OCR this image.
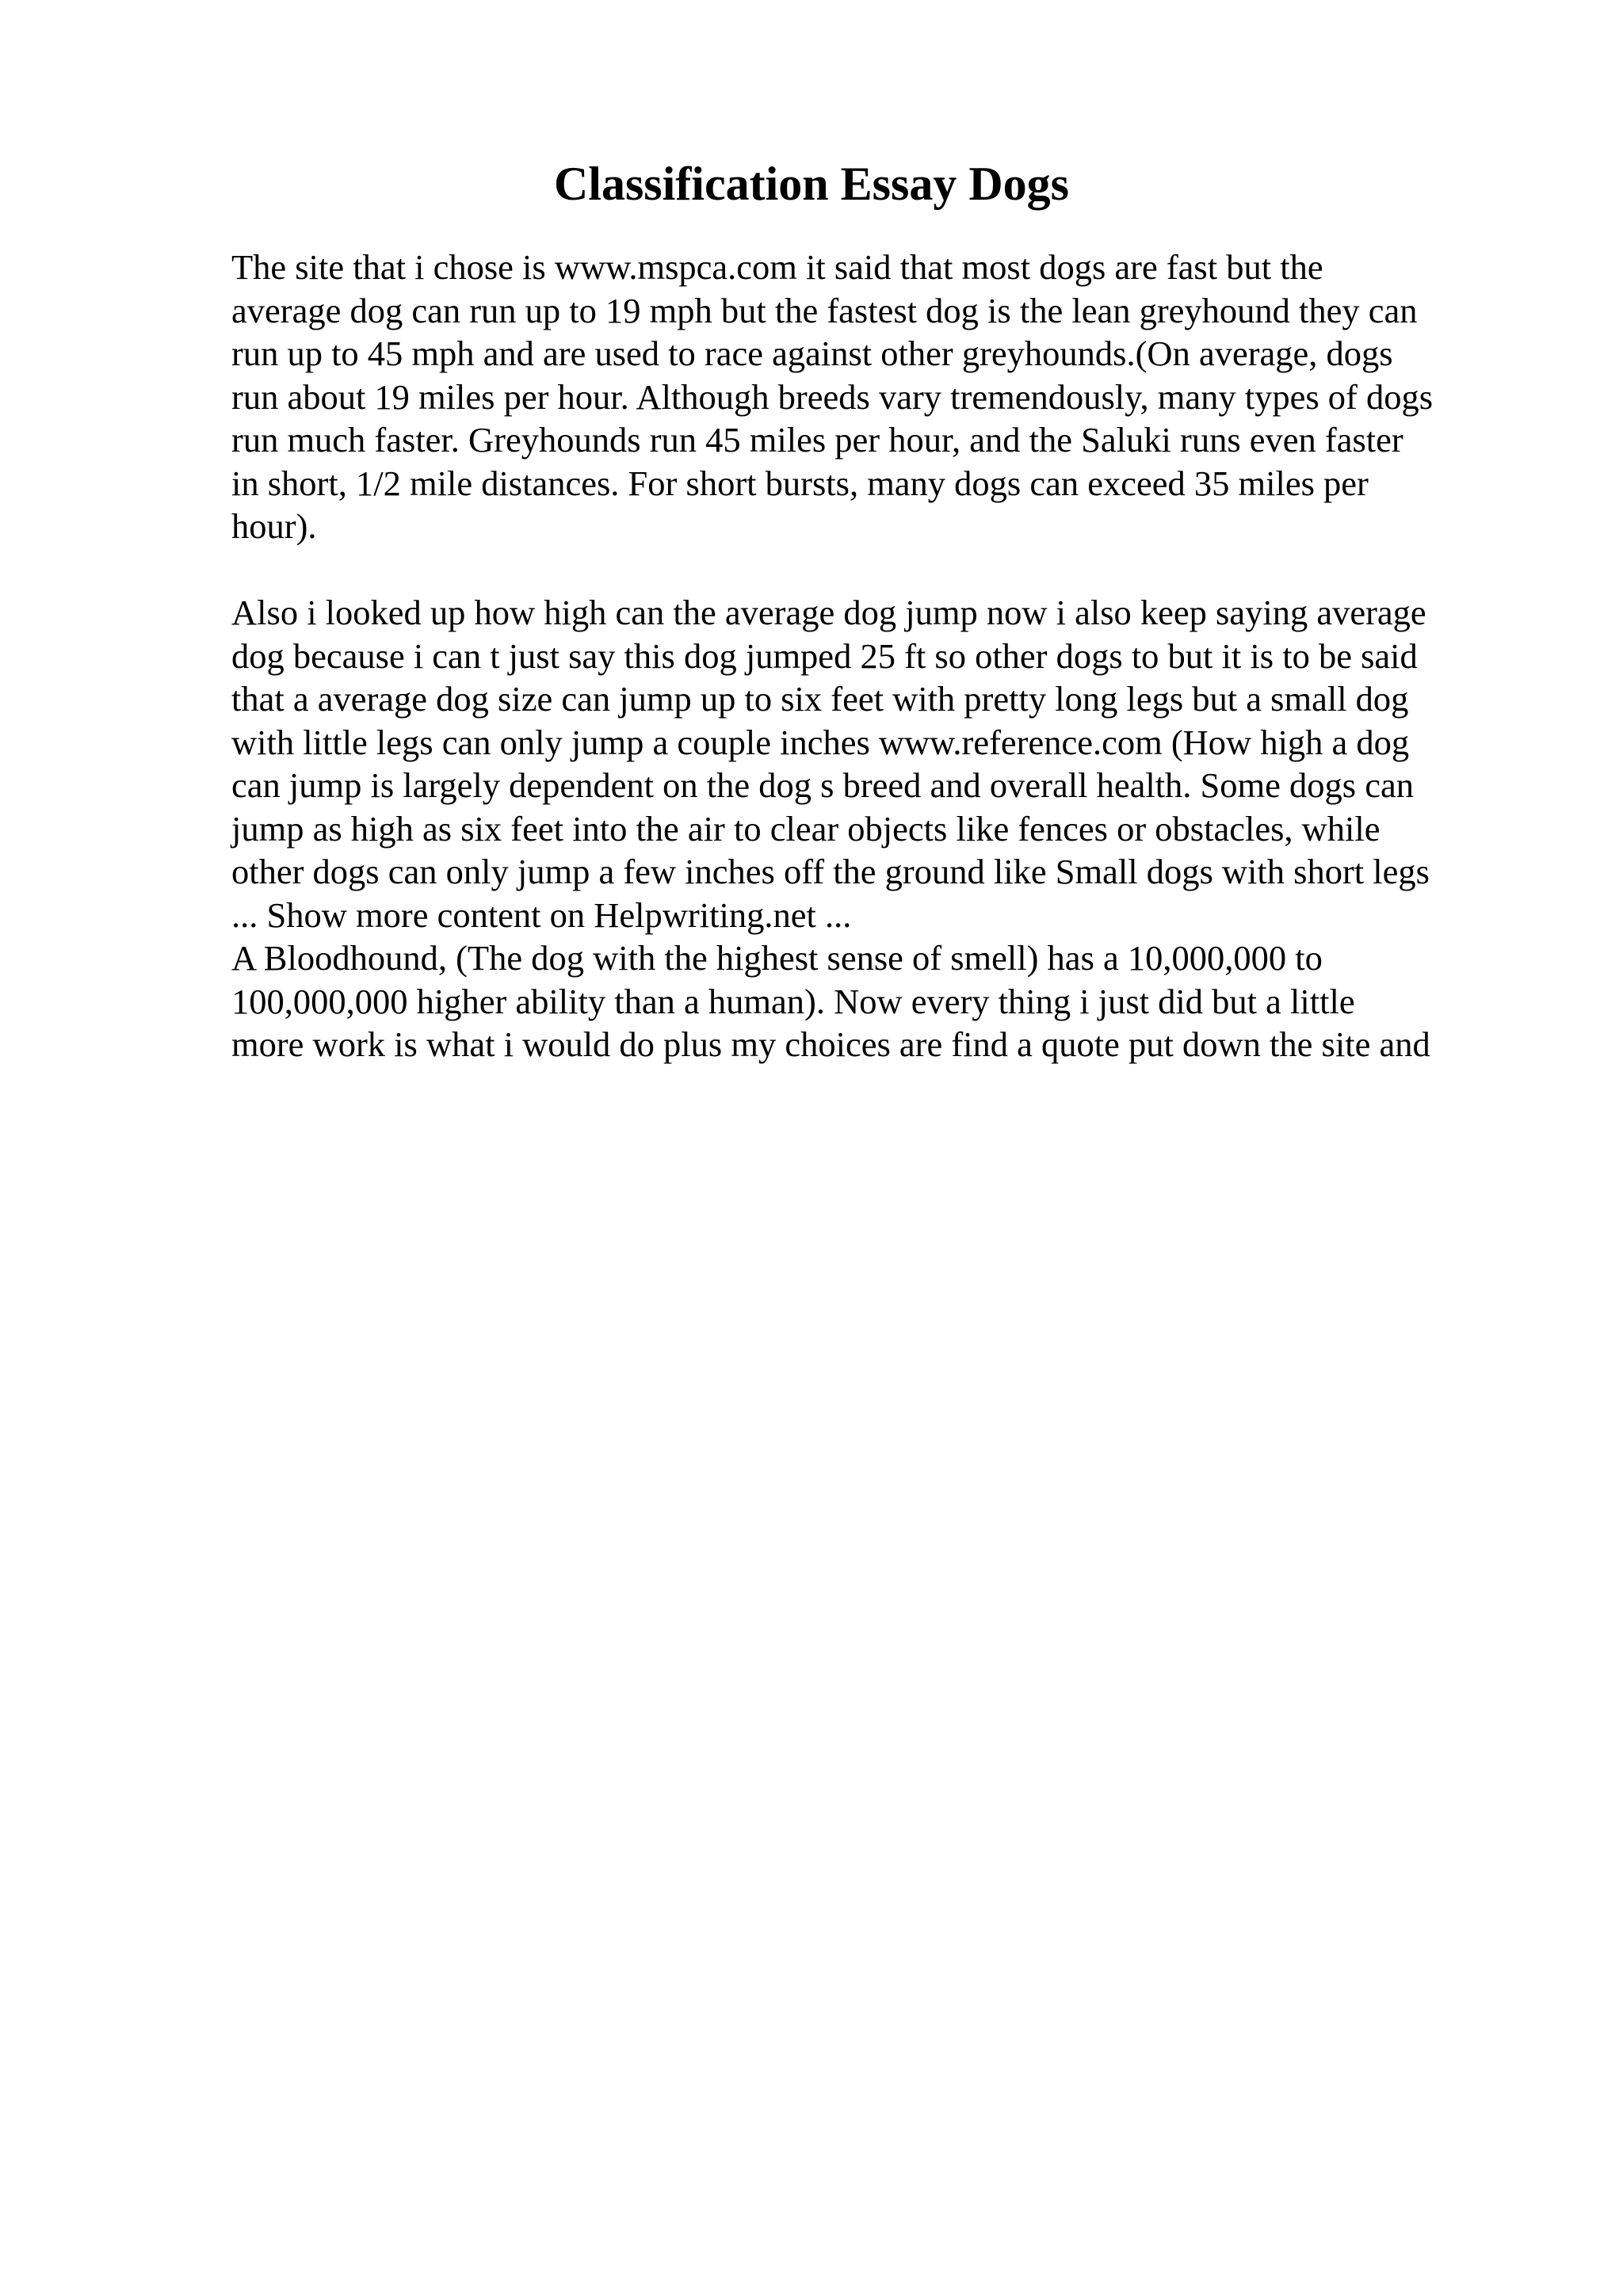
Classification Essay Dogs
The site that i chose is www.mspca.com it said that most dogs are fast but the
average dog can run up to 19 mph but the fastest dog is the lean greyhound they can
run up to 45 mph and are used to race against other greyhounds.(On average, dogs
run about 19 miles per hour. Although breeds vary tremendously, many types of dogs
run much faster. Greyhounds run 45 miles per hour, and the Saluki runs even faster
in short, 1/2 mile distances. For short bursts, many dogs can exceed 35 miles per
hour).
Also i looked up how high can the average dog jump now i also keep saying average
dog because i can t just say this dog jumped 25 ft so other dogs to but it is to be said
that a average dog size can jump up to six feet with pretty long legs but a small dog
with little legs can only jump a couple inches www.reference.com (How high a dog
can jump is largely dependent on the dog s breed and overall health. Some dogs can
jump as high as six feet into the air to clear objects like fences or obstacles, while
other dogs can only jump a few inches off the ground like Small dogs with short legs
... Show more content on Helpwriting.net ...
A Bloodhound, (The dog with the highest sense of smell) has a 10,000,000 to
100,000,000 higher ability than a human). Now every thing i just did but a little
more work is what i would do plus my choices are find a quote put down the site and
